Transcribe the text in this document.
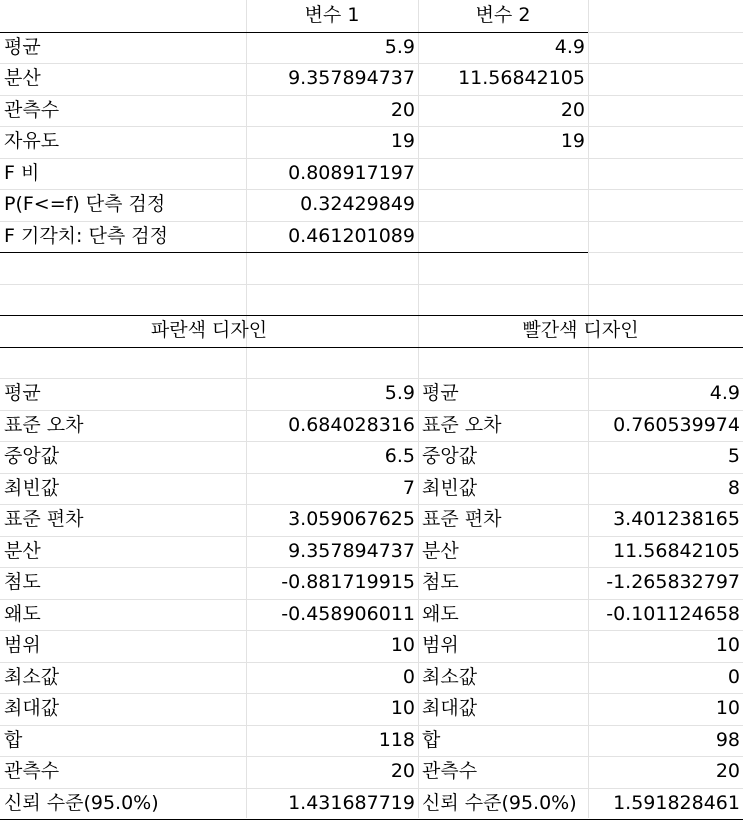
변수 1	변수 2
평균	5.9	4.9
분산	9.357894737	11.56842105
관측수	20	20
자유도	19	19
F 비	0.808917197
P(F<=f) 단측 검정	0.32429849
F 기각치: 단측 검정	0.461201089
파란색 디자인	빨간색 디자인
평균	5.9 평균	4.9
표준 오차	0.684028316 표준 오차	0.760539974
중앙값	6.5 중앙값	5
최빈값	7 최빈값	8
표준 편차	3.059067625 표준 편차	3.401238165
분산	9.357894737 분산	11.56842105
첨도	-0.881719915 첨도	-1.265832797
왜도	-0.458906011 왜도	-0.101124658
범위	10 범위	10
최소값	0 최소값	0
최대값	10 최대값	10
합	118 합	98
관측수	20 관측수	20
신뢰 수준(95.0%)	1.431687719 신뢰 수준(95.0%)	1.591828461
